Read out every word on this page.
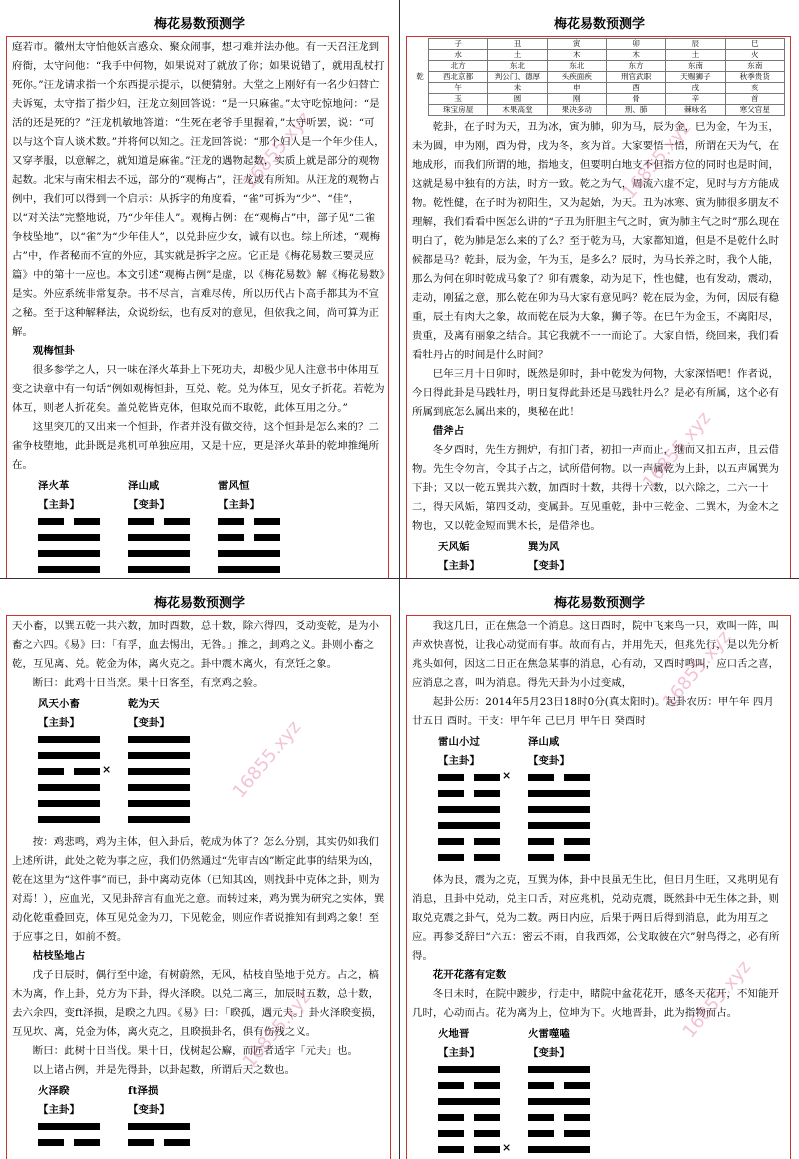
梅花易数预测学

庭若市。徽州太守怕他妖言惑众、聚众闹事，想刁难并法办他。有一天召汪龙到府衙，太守问他：“我手中何物，如果说对了就放了你；如果说错了，就用乱杖打死你。”汪龙请求指一个东西提示提示，以便猜射。大堂之上刚好有一名少妇替亡夫诉冤，太守指了指少妇，汪龙立刻回答说：“是一只麻雀。”太守吃惊地问：“是活的还是死的？”汪龙机敏地答道：“生死在老爷手里握着，”太守听罢，说：“可以与这个盲人谈术数。”并将何以知之。汪龙回答说：“那个妇人是一个年少佳人，又穿孝服，以意解之，就知道是麻雀。”汪龙的遇物起数，实质上就是部分的观物起数。北宋与南宋相去不远，部分的“观梅占”，汪龙或有所知。从汪龙的观物占例中，我们可以得到一个启示：从拆字的角度看，“雀”可拆为“少”、“佳”，以“对关法”完整地说，乃“少年佳人”。观梅占例：在“观梅占”中，部子见“二雀争枝坠地”，以“雀”为“少年佳人”，以兑卦应少女，诚有以也。综上所述，“观梅占”中，作者秘而不宣的外应，其实就是拆字之应。它正是《梅花易数三要灵应篇》中的第十一应也。本文引述“观梅占例”是虚，以《梅花易数》解《梅花易数》是实。外应系统非常复杂。书不尽言，言难尽传，所以历代占卜高手都其为不宣之秘。至于这种解释法，众说纷纭，也有反对的意见，但依我之间，尚可算为正解。

观梅恒卦

很多参学之人，只一味在泽火革卦上下死功夫，却极少见人注意书中体用互变之诀章中有一句话“例如观梅恒卦，互兑、乾。兑为体互，见女子折花。若乾为体互，则老人折花矣。盖兑乾皆克体，但取兑而不取乾，此体互用之分。”

这里突兀的又出来一个恒卦，作者并没有做交待，这个恒卦是怎么来的？二雀争枝堕地，此卦既是兆机可单独应用，又是十应，更是泽火革卦的乾坤推绳所在。

泽火革
【主卦】
泽山咸
【变卦】
雷风恒
【主卦】

16855.xyz
梅花易数预测学
乾	子	丑	寅	卯	辰	巳
	水	土	木	木	土	火
	北方	东北	东北	东方	东南	东南
	西北京都	判公门、德厚	头疾面疾	刑官武职	天赐狮子	秋季贵货
	午	未	申	酉	戌	亥
	玉	圆	刚	骨	辛	首
	珠宝房屋	木果高堂	果决多动	刑、肺	棘咏名	寒父官星

乾卦，在子时为天，丑为冰，寅为肺，卯为马，辰为金，巳为金，午为玉，未为圆，申为刚，酉为骨，戌为冬，亥为首。大家要悟一悟，所谓在天为气，在地成形，而我们所谓的地，指地支，但要明白地支不但指方位的同时也是时间，这就是易中独有的方法，时方一致。乾之为气，周流六虚不定，见时与方方能成物。乾性健，在子时为初阳生，又为起始，为天。丑为冰寒、寅为肺很多朋友不理解，我们看看中医怎么讲的“子丑为肝胆主气之时，寅为肺主气之时”那么现在明白了，乾为肺是怎么来的了么？至于乾为马，大家都知道，但是不是乾什么时候都是马？乾卦，辰为金，午为玉，是多么？辰时，为马长养之时，我个人能，那么为何在卯时乾成马象了？卯有震象，动为足下，性也健，也有发动，震动，走动，刚猛之意，那么乾在卯为马大家有意见吗？乾在辰为金，为何，因辰有稳重，辰土有肉大之象，故而乾在辰为大象，狮子等。在巳午为金玉，不离阳尽，贵重，及离有丽象之结合。其它我就不一一而论了。大家自悟，绕回来，我们看看牡丹占的时间是什么时间？

巳年三月十日卯时，既然是卯时，卦中乾发为何物，大家深悟吧！作者说，今日得此卦是马践牡丹，明日复得此卦还是马践牡丹么？是必有所属，这个必有所属到底怎么属出来的，奥秘在此！

借斧占

冬夕酉时，先生方拥炉，有扣门者，初扣一声而止，继而又扣五声，且云借物。先生令勿言，令其子占之，试所借何物。以一声属乾为上卦，以五声属巽为下卦；又以一乾五巽共六数，加酉时十数，共得十六数，以六除之，二六一十二，得天风姤，第四爻动，变属卦。互见重乾，卦中三乾金、二巽木，为金木之物也，又以乾金短而巽木长，是借斧也。

天风姤
【主卦】
巽为风
【变卦】
16855.xyz
16855.xyz
梅花易数预测学

天小畜，以巽五乾一共六数，加时酉数，总十数，除六得四，爻动变乾，是为小畜之六四。《易》曰：「有孚，血去惕出，无咎。」推之，刲鸡之义。卦则小畜之乾，互见离、兑。乾金为体，离火克之。卦中震木离火，有烹饪之象。

断曰：此鸡十日当烹。果十日客至，有烹鸡之验。

风天小畜
【主卦】
×
乾为天
【变卦】

按：鸡悲鸣，鸡为主体，但入卦后，乾成为体了？怎么分别，其实仍如我们上述所讲，此处之乾为事之应，我们仍然通过“先审吉凶”断定此事的结果为凶，乾在这里为“这件事”而已，卦中离动克体（已知其凶，则找卦中克体之卦，则为对焉！），应血光，又见卦辞言有血光之意。而转过来，鸡为巽为研究之实体，巽动化乾重叠回克，体互见兑金为刀，下见乾金，则应作者说推知有刲鸡之象！至于应事之日，如前不赘。

枯枝坠地占

戊子日辰时，偶行至中途，有树蔚然，无风，枯枝自坠地于兑方。占之，槁木为离，作上卦，兑方为下卦，得火泽睽。以兑二离三，加辰时五数，总十数，去六余四，变ft泽损，是睽之九四。《易》曰：「睽孤，遇元夫。」卦火泽睽变损，互见坎、离，兑金为体，离火克之，且睽损卦名，俱有伤残之义。

断曰：此树十日当伐。果十日，伐树起公廨，而匠者适字「元夫」也。

以上诸占例，并是先得卦，以卦起数，所谓后天之数也。

火泽睽
【主卦】
ft泽损
【变卦】
16855.xyz
16855.xyz
梅花易数预测学

我这几日，正在焦急一个消息。这日酉时，院中飞来鸟一只，欢叫一阵，叫声欢快喜悦，让我心动觉而有事。故而有占，并用先天，但兆先行，是以先分析兆头如何，因这二日正在焦急某事的消息，心有动，又酉时鸣叫，应口舌之喜，应消息之喜，叫为消息。得先天卦为小过变咸，

起卦公历：2014年5月23日18时0分(真太阳时)。起卦农历：甲午年 四月 廿五日 酉时。干支：甲午年 己巳月 甲午日 癸酉时

雷山小过
【主卦】
×
泽山咸
【变卦】

体为艮，震为之克，互巽为体，卦中艮虽无生比，但日月生旺，又兆明见有消息，且卦中兑动，兑主口舌，对应兆机，兑动克震，既然卦中无生体之卦，则取兑克震之卦气，兑为二数。两日内应，后果于两日后得到消息，此为用互之应。再参爻辞曰“六五：密云不雨，自我西郊，公戈取彼在穴”射鸟得之，必有所得。

花开花落有定数

冬日未时，在院中踱步，行走中，睹院中盆花花开，感冬天花开，不知能开几时，心动而占。花为离为上，位坤为下。火地晋卦，此为指物而占。

火地晋
【主卦】
×
火雷噬嗑
【变卦】
16855.xyz
16855.xyz
